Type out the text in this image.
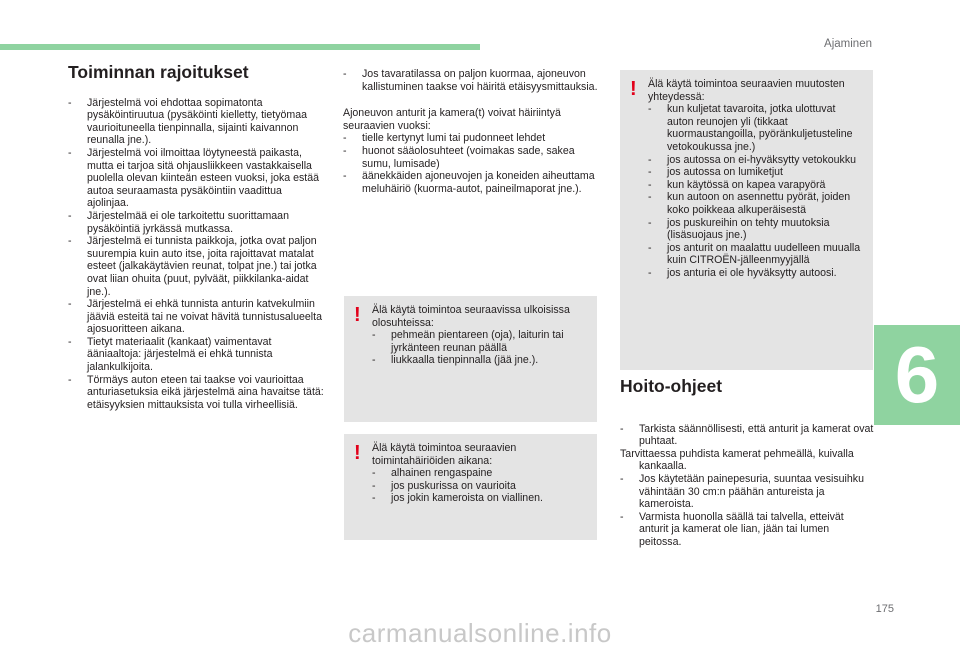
Ajaminen
Toiminnan rajoitukset
- Järjestelmä voi ehdottaa sopimatonta pysäköintiruutua (pysäköinti kielletty, tietyömaa vaurioituneella tienpinnalla, sijainti kaivannon reunalla jne.).
- Järjestelmä voi ilmoittaa löytyneestä paikasta, mutta ei tarjoa sitä ohjausliikkeen vastakkaisella puolella olevan kiinteän esteen vuoksi, joka estää autoa seuraamasta pysäköintiin vaadittua ajolinjaa.
- Järjestelmää ei ole tarkoitettu suorittamaan pysäköintiä jyrkässä mutkassa.
- Järjestelmä ei tunnista paikkoja, jotka ovat paljon suurempia kuin auto itse, joita rajoittavat matalat esteet (jalkakäytävien reunat, tolpat jne.) tai jotka ovat liian ohuita (puut, pylväät, piikkilanka-aidat jne.).
- Järjestelmä ei ehkä tunnista anturin katvekulmiin jääviä esteitä tai ne voivat hävitä tunnistusalueelta ajosuoritteen aikana.
- Tietyt materiaalit (kankaat) vaimentavat ääniaaltoja: järjestelmä ei ehkä tunnista jalankulkijoita.
- Törmäys auton eteen tai taakse voi vaurioittaa anturiasetuksia eikä järjestelmä aina havaitse tätä: etäisyyksien mittauksista voi tulla virheellisiä.
- Jos tavaratilassa on paljon kuormaa, ajoneuvon kallistuminen taakse voi häiritä etäisyysmittauksia.

Ajoneuvon anturit ja kamera(t) voivat häiriintyä seuraavien vuoksi:

- tielle kertynyt lumi tai pudonneet lehdet
- huonot sääolosuhteet (voimakas sade, sakea sumu, lumisade)
- äänekkäiden ajoneuvojen ja koneiden aiheuttama meluhäiriö (kuorma-autot, paineilmaporat jne.).
!	Älä käytä toimintoa seuraavissa ulkoisissa olosuhteissa:

- pehmeän pientareen (oja), laiturin tai jyrkänteen reunan päällä
- liukkaalla tienpinnalla (jää jne.).
!	Älä käytä toimintoa seuraavien toimintahäiriöiden aikana:

- alhainen rengaspaine
- jos puskurissa on vaurioita
- jos jokin kameroista on viallinen.
!	Älä käytä toimintoa seuraavien muutosten yhteydessä:

- kun kuljetat tavaroita, jotka ulottuvat auton reunojen yli (tikkaat kuormaustangoilla, pyöränkuljetusteline vetokoukussa jne.)
- jos autossa on ei-hyväksytty vetokoukku
- jos autossa on lumiketjut
- kun käytössä on kapea varapyörä
- kun autoon on asennettu pyörät, joiden koko poikkeaa alkuperäisestä
- jos puskureihin on tehty muutoksia (lisäsuojaus jne.)
- jos anturit on maalattu uudelleen muualla kuin CITROËN-jälleenmyyjällä
- jos anturia ei ole hyväksytty autoosi.
Hoito-ohjeet
- Tarkista säännöllisesti, että anturit ja kamerat ovat puhtaat.

Tarvittaessa puhdista kamerat pehmeällä, kuivalla kankaalla.

- Jos käytetään painepesuria, suuntaa vesisuihku vähintään 30 cm:n päähän antureista ja kameroista.
- Varmista huonolla säällä tai talvella, etteivät anturit ja kamerat ole lian, jään tai lumen peitossa.
6
175
carmanualsonline.info
